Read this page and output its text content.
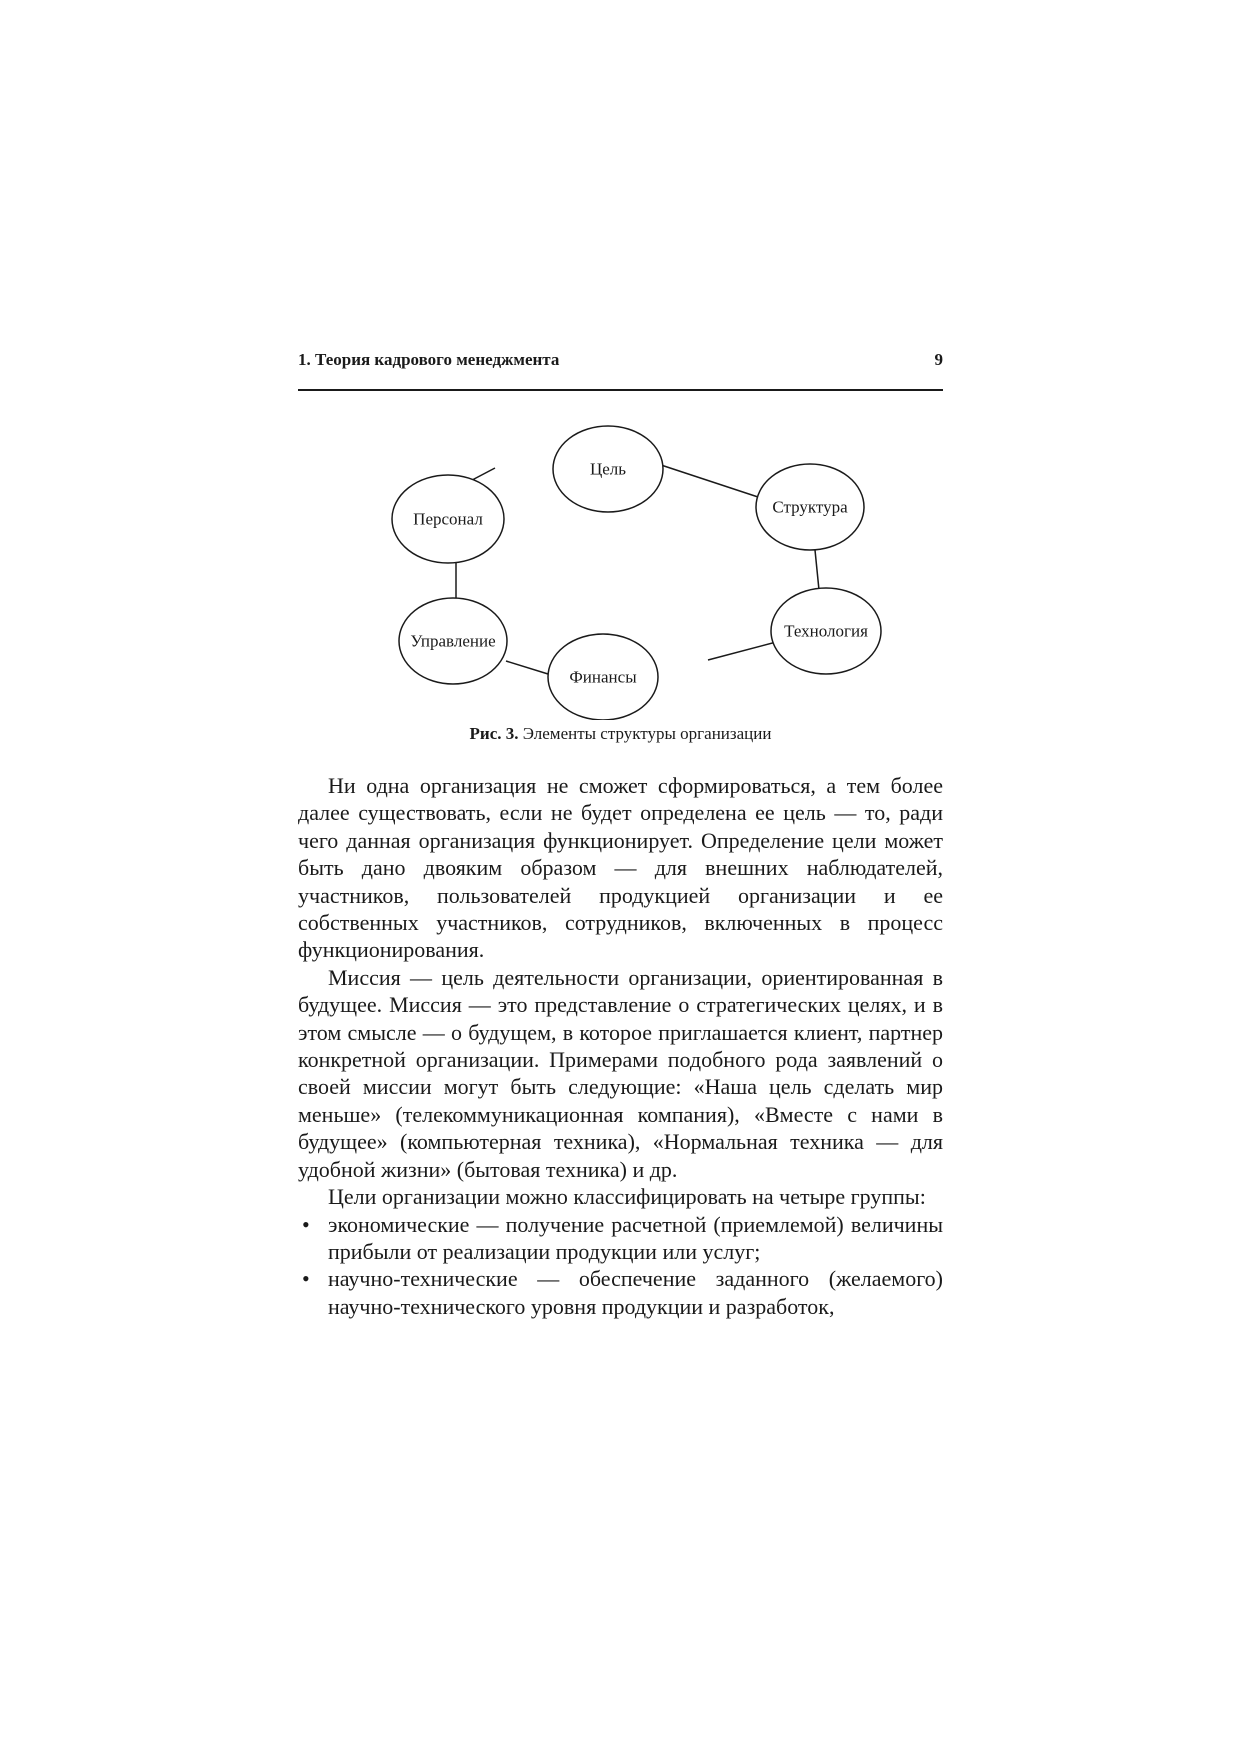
1. Теория кадрового менеджмента	9
Цель
Структура
Персонал
Технология
Управление
Финансы
Рис. 3. Элементы структуры организации

Ни одна организация не сможет сформироваться, а тем более далее существовать, если не будет определена ее цель — то, ради чего данная организация функционирует. Определение цели может быть дано двояким образом — для внешних наблюдателей, участников, пользователей продукцией организации и ее собственных участников, сотрудников, включенных в процесс функционирования.

Миссия — цель деятельности организации, ориентированная в будущее. Миссия — это представление о стратегических целях, и в этом смысле — о будущем, в которое приглашается клиент, партнер конкретной организации. Примерами подобного рода заявлений о своей миссии могут быть следующие: «Наша цель сделать мир меньше» (телекоммуникационная компания), «Вместе с нами в будущее» (компьютерная техника), «Нормальная техника — для удобной жизни» (бытовая техника) и др.

Цели организации можно классифицировать на четыре группы:

• экономические — получение расчетной (приемлемой) величины прибыли от реализации продукции или услуг;
• научно-технические — обеспечение заданного (желаемого) научно-технического уровня продукции и разработок,
